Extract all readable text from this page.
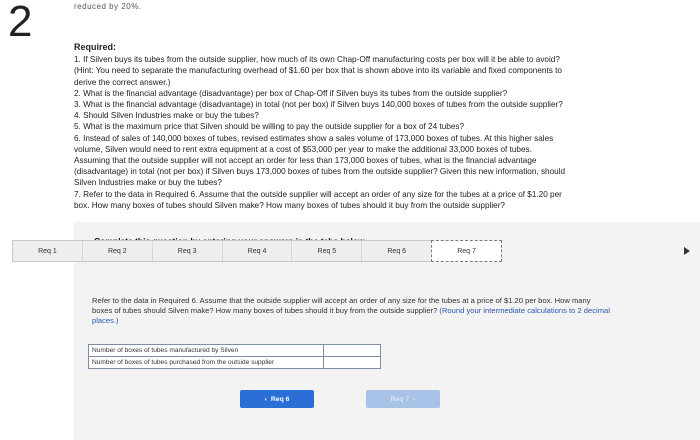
2	reduced by 20%.
Required:

1. If Silven buys its tubes from the outside supplier, how much of its own Chap-Off manufacturing costs per box will it be able to avoid?

(Hint: You need to separate the manufacturing overhead of $1.60 per box that is shown above into its variable and fixed components to

derive the correct answer.)

2. What is the financial advantage (disadvantage) per box of Chap-Off if Silven buys its tubes from the outside supplier?

3. What is the financial advantage (disadvantage) in total (not per box) if Silven buys 140,000 boxes of tubes from the outside supplier?

4. Should Silven Industries make or buy the tubes?

5. What is the maximum price that Silven should be willing to pay the outside supplier for a box of 24 tubes?

6. Instead of sales of 140,000 boxes of tubes, revised estimates show a sales volume of 173,000 boxes of tubes. At this higher sales

volume, Silven would need to rent extra equipment at a cost of $53,000 per year to make the additional 33,000 boxes of tubes.

Assuming that the outside supplier will not accept an order for less than 173,000 boxes of tubes, what is the financial advantage

(disadvantage) in total (not per box) if Silven buys 173,000 boxes of tubes from the outside supplier? Given this new information, should

Silven Industries make or buy the tubes?

7. Refer to the data in Required 6. Assume that the outside supplier will accept an order of any size for the tubes at a price of $1.20 per

box. How many boxes of tubes should Silven make? How many boxes of tubes should it buy from the outside supplier?

Req 1	Req 2	Req 3	Req 4	Req 5	Req 6	Req 7
Refer to the data in Required 6. Assume that the outside supplier will accept an order of any size for the tubes at a price of $1.20 per box. How many boxes of tubes should Silven make? How many boxes of tubes should it buy from the outside supplier? (Round your intermediate calculations to 2 decimal places.)
Number of boxes of tubes manufactured by Silven	
Number of boxes of tubes purchased from the outside supplier	
‹ Req 6	Req 7 ›
